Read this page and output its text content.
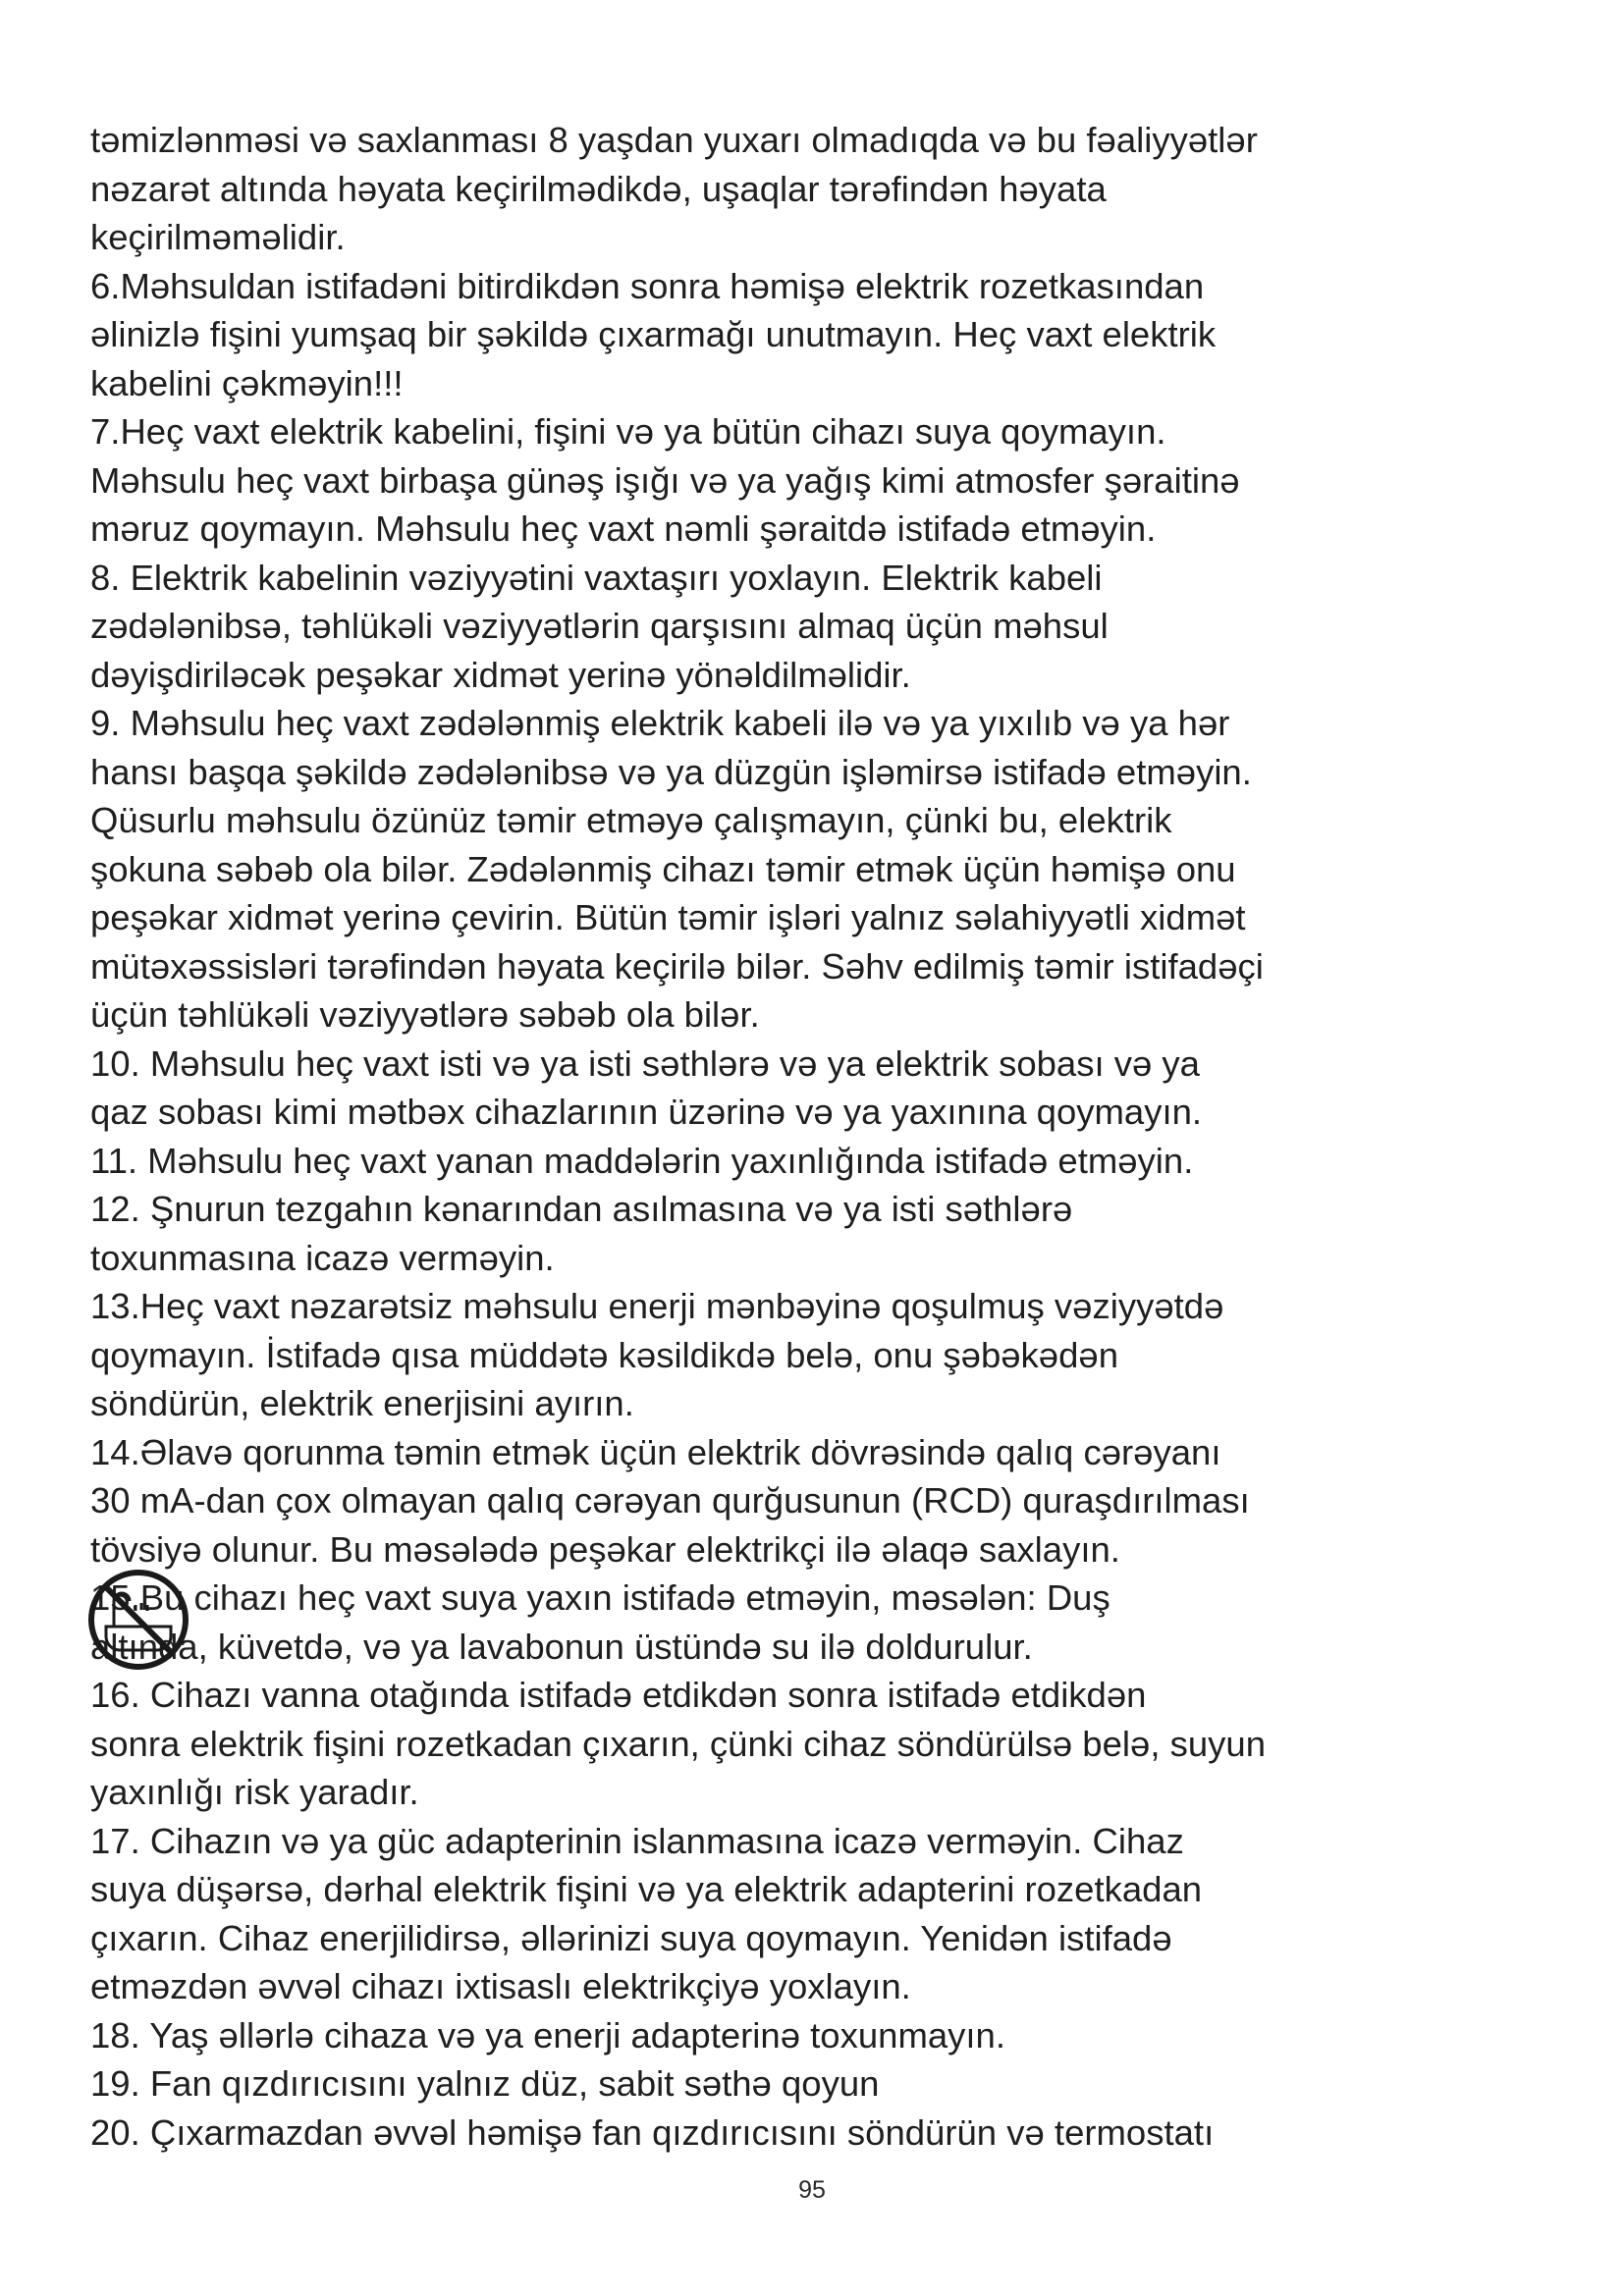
təmizlənməsi və saxlanması 8 yaşdan yuxarı olmadıqda və bu fəaliyyətlər
nəzarət altında həyata keçirilmədikdə, uşaqlar tərəfindən həyata
keçirilməməlidir.

6.Məhsuldan istifadəni bitirdikdən sonra həmişə elektrik rozetkasından
əlinizlə fişini yumşaq bir şəkildə çıxarmağı unutmayın. Heç vaxt elektrik
kabelini çəkməyin!!!

7.Heç vaxt elektrik kabelini, fişini və ya bütün cihazı suya qoymayın.
Məhsulu heç vaxt birbaşa günəş işığı və ya yağış kimi atmosfer şəraitinə
məruz qoymayın. Məhsulu heç vaxt nəmli şəraitdə istifadə etməyin.

8. Elektrik kabelinin vəziyyətini vaxtaşırı yoxlayın. Elektrik kabeli
zədələnibsə, təhlükəli vəziyyətlərin qarşısını almaq üçün məhsul
dəyişdiriləcək peşəkar xidmət yerinə yönəldilməlidir.

9. Məhsulu heç vaxt zədələnmiş elektrik kabeli ilə və ya yıxılıb və ya hər
hansı başqa şəkildə zədələnibsə və ya düzgün işləmirsə istifadə etməyin.
Qüsurlu məhsulu özünüz təmir etməyə çalışmayın, çünki bu, elektrik
şokuna səbəb ola bilər. Zədələnmiş cihazı təmir etmək üçün həmişə onu
peşəkar xidmət yerinə çevirin. Bütün təmir işləri yalnız səlahiyyətli xidmət
mütəxəssisləri tərəfindən həyata keçirilə bilər. Səhv edilmiş təmir istifadəçi
üçün təhlükəli vəziyyətlərə səbəb ola bilər.

10. Məhsulu heç vaxt isti və ya isti səthlərə və ya elektrik sobası və ya
qaz sobası kimi mətbəx cihazlarının üzərinə və ya yaxınına qoymayın.

11. Məhsulu heç vaxt yanan maddələrin yaxınlığında istifadə etməyin.

12. Şnurun tezgahın kənarından asılmasına və ya isti səthlərə
toxunmasına icazə verməyin.

13.Heç vaxt nəzarətsiz məhsulu enerji mənbəyinə qoşulmuş vəziyyətdə
qoymayın. İstifadə qısa müddətə kəsildikdə belə, onu şəbəkədən
söndürün, elektrik enerjisini ayırın.

14.Əlavə qorunma təmin etmək üçün elektrik dövrəsində qalıq cərəyanı
30 mA-dan çox olmayan qalıq cərəyan qurğusunun (RCD) quraşdırılması
tövsiyə olunur. Bu məsələdə peşəkar elektrikçi ilə əlaqə saxlayın.

15.Bu cihazı heç vaxt suya yaxın istifadə etməyin, məsələn: Duş
altında, küvetdə, və ya lavabonun üstündə su ilə doldurulur.

16. Cihazı vanna otağında istifadə etdikdən sonra istifadə etdikdən
sonra elektrik fişini rozetkadan çıxarın, çünki cihaz söndürülsə belə, suyun
yaxınlığı risk yaradır.

17. Cihazın və ya güc adapterinin islanmasına icazə verməyin. Cihaz
suya düşərsə, dərhal elektrik fişini və ya elektrik adapterini rozetkadan
çıxarın. Cihaz enerjilidirsə, əllərinizi suya qoymayın. Yenidən istifadə
etməzdən əvvəl cihazı ixtisaslı elektrikçiyə yoxlayın.

18. Yaş əllərlə cihaza və ya enerji adapterinə toxunmayın.

19. Fan qızdırıcısını yalnız düz, sabit səthə qoyun

20. Çıxarmazdan əvvəl həmişə fan qızdırıcısını söndürün və termostatı

95
